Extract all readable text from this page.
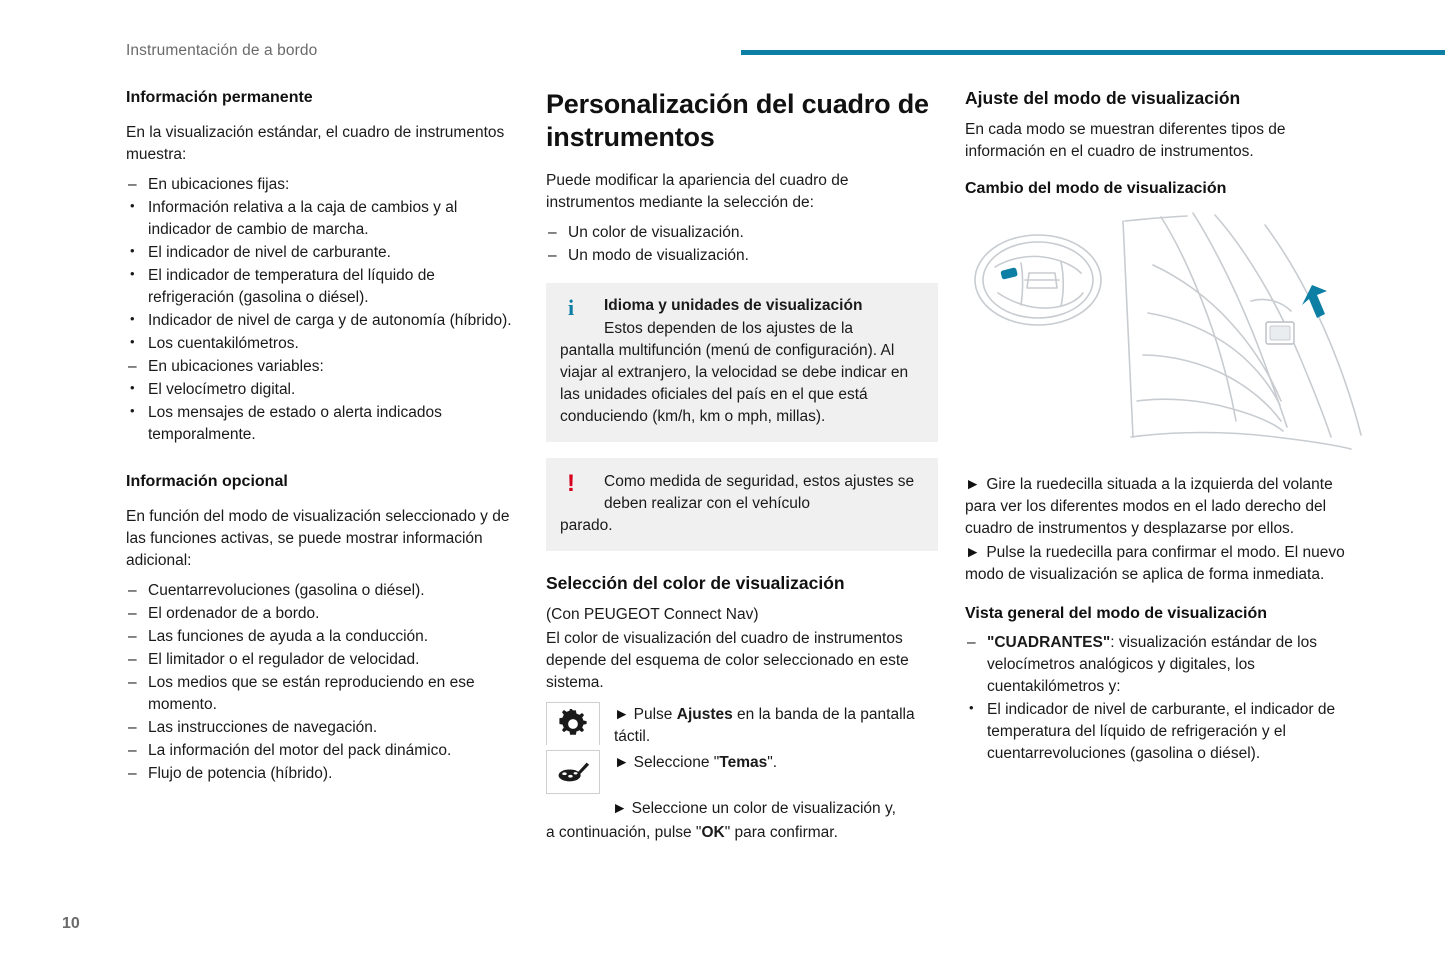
Instrumentación de a bordo
Información permanente

En la visualización estándar, el cuadro de instrumentos muestra:

– En ubicaciones fijas:
• Información relativa a la caja de cambios y al indicador de cambio de marcha.
• El indicador de nivel de carburante.
• El indicador de temperatura del líquido de refrigeración (gasolina o diésel).
• Indicador de nivel de carga y de autonomía (híbrido).
• Los cuentakilómetros.
– En ubicaciones variables:
• El velocímetro digital.
• Los mensajes de estado o alerta indicados temporalmente.
Información opcional

En función del modo de visualización seleccionado y de las funciones activas, se puede mostrar información adicional:

– Cuentarrevoluciones (gasolina o diésel).
– El ordenador de a bordo.
– Las funciones de ayuda a la conducción.
– El limitador o el regulador de velocidad.
– Los medios que se están reproduciendo en ese momento.
– Las instrucciones de navegación.
– La información del motor del pack dinámico.
– Flujo de potencia (híbrido).
Personalización del cuadro de instrumentos

Puede modificar la apariencia del cuadro de instrumentos mediante la selección de:

– Un color de visualización.
– Un modo de visualización.
i	Idioma y unidades de visualización

Estos dependen de los ajustes de la
pantalla multifunción (menú de configuración). Al viajar al extranjero, la velocidad se debe indicar en las unidades oficiales del país en el que está conduciendo (km/h, km o mph, millas).

!	Como medida de seguridad, estos ajustes se deben realizar con el vehículo
parado.

Selección del color de visualización

(Con PEUGEOT Connect Nav)

El color de visualización del cuadro de instrumentos depende del esquema de color seleccionado en este sistema.

► Pulse Ajustes en la banda de la pantalla táctil.
► Seleccione "Temas".
► Seleccione un color de visualización y,
a continuación, pulse "OK" para confirmar.
Ajuste del modo de visualización

En cada modo se muestran diferentes tipos de información en el cuadro de instrumentos.

Cambio del modo de visualización

► Gire la ruedecilla situada a la izquierda del volante para ver los diferentes modos en el lado derecho del cuadro de instrumentos y desplazarse por ellos.

► Pulse la ruedecilla para confirmar el modo. El nuevo modo de visualización se aplica de forma inmediata.

Vista general del modo de visualización
– "CUADRANTES": visualización estándar de los velocímetros analógicos y digitales, los cuentakilómetros y:
• El indicador de nivel de carburante, el indicador de temperatura del líquido de refrigeración y el cuentarrevoluciones (gasolina o diésel).
10
